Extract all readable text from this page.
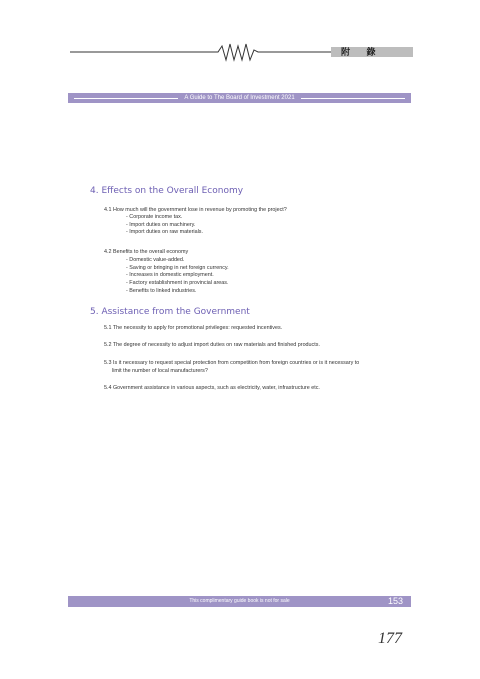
附 錄
A Guide to The Board of Investment 2021
4. Effects on the Overall Economy
4.1 How much will the government lose in revenue by promoting the project?
- Corporate income tax.
- Import duties on machinery.
- Import duties on raw materials.
4.2 Benefits to the overall economy
- Domestic value-added.
- Saving or bringing in net foreign currency.
- Increases in domestic employment.
- Factory establishment in provincial areas.
- Benefits to linked industries.
5. Assistance from the Government
5.1 The necessity to apply for promotional privileges: requested incentives.
5.2 The degree of necessity to adjust import duties on raw materials and finished products.
5.3 Is it necessary to request special protection from competition from foreign countries or is it necessary to
limit the number of local manufacturers?
5.4 Government assistance in various aspects, such as electricity, water, infrastructure etc.
This complimentary guide book is not for sale	153
177
